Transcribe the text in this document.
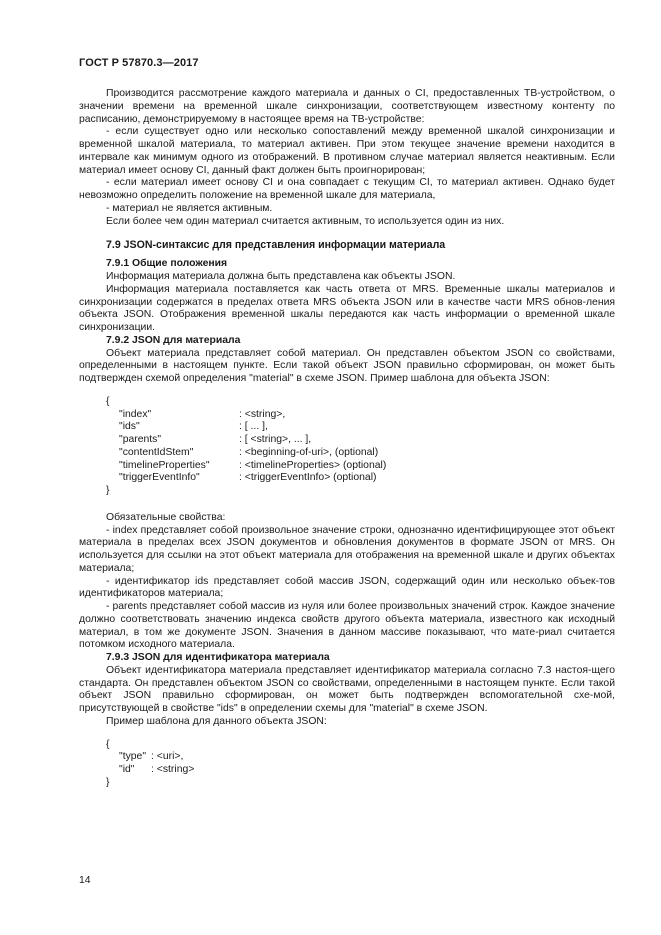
ГОСТ Р 57870.3—2017

Производится рассмотрение каждого материала и данных о CI, предоставленных TB-устройством, о значении времени на временной шкале синхронизации, соответствующем известному контенту по расписанию, демонстрируемому в настоящее время на TB-устройстве:

- если существует одно или несколько сопоставлений между временной шкалой синхронизации и временной шкалой материала, то материал активен. При этом текущее значение времени находится в интервале как минимум одного из отображений. В противном случае материал является неактивным. Если материал имеет основу CI, данный факт должен быть проигнорирован;

- если материал имеет основу CI и она совпадает с текущим CI, то материал активен. Однако будет невозможно определить положение на временной шкале для материала,

- материал не является активным.

Если более чем один материал считается активным, то используется один из них.

7.9 JSON-синтаксис для представления информации материала
7.9.1 Общие положения

Информация материала должна быть представлена как объекты JSON.

Информация материала поставляется как часть ответа от MRS. Временные шкалы материалов и синхронизации содержатся в пределах ответа MRS объекта JSON или в качестве части MRS обнов-ления объекта JSON. Отображения временной шкалы передаются как часть информации о временной шкале синхронизации.

7.9.2 JSON для материала

Объект материала представляет собой материал. Он представлен объектом JSON со свойствами, определенными в настоящем пункте. Если такой объект JSON правильно сформирован, он может быть подтвержден схемой определения "material" в схеме JSON. Пример шаблона для объекта JSON:

{
"index"	: <string>,
"ids"	: [ ... ],
"parents"	: [ <string>, ... ],
"contentIdStem"	: <beginning-of-uri>, (optional)
"timelineProperties"	: <timelineProperties> (optional)
"triggerEventInfo"	: <triggerEventInfo> (optional)
}

Обязательные свойства:

- index представляет собой произвольное значение строки, однозначно идентифицирующее этот объект материала в пределах всех JSON документов и обновления документов в формате JSON от MRS. Он используется для ссылки на этот объект материала для отображения на временной шкале и других объектах материала;

- идентификатор ids представляет собой массив JSON, содержащий один или несколько объек-тов идентификаторов материала;

- parents представляет собой массив из нуля или более произвольных значений строк. Каждое значение должно соответствовать значению индекса свойств другого объекта материала, известного как исходный материал, в том же документе JSON. Значения в данном массиве показывают, что мате-риал считается потомком исходного материала.

7.9.3 JSON для идентификатора материала

Объект идентификатора материала представляет идентификатор материала согласно 7.3 настоя-щего стандарта. Он представлен объектом JSON со свойствами, определенными в настоящем пункте. Если такой объект JSON правильно сформирован, он может быть подтвержден вспомогательной схе-мой, присутствующей в свойстве "ids" в определении схемы для "material" в схеме JSON.

Пример шаблона для данного объекта JSON:

{
"type" : <uri>,
"id"	: <string>
}
14
